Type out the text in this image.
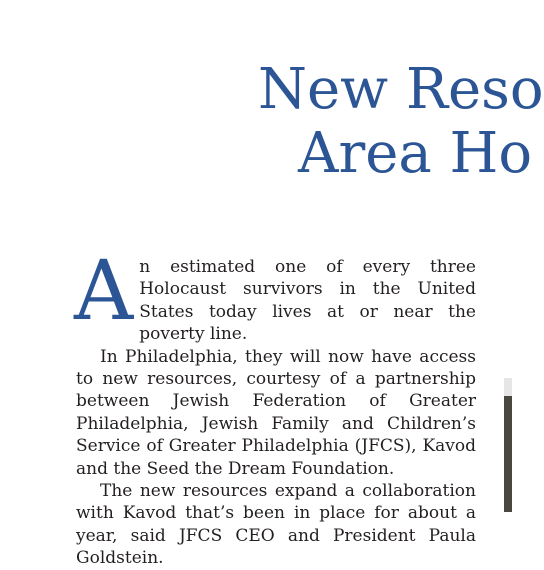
New Reso
Area Ho

An estimated one of every three Holocaust survivors in the United States today lives at or near the poverty line.

In Philadelphia, they will now have access to new resources, courtesy of a partnership between Jewish Federation of Greater Philadelphia, Jewish Family and Children’s Service of Greater Philadelphia (JFCS), Kavod and the Seed the Dream Foundation.

The new resources expand a collaboration with Kavod that’s been in place for about a year, said JFCS CEO and President Paula Goldstein.
